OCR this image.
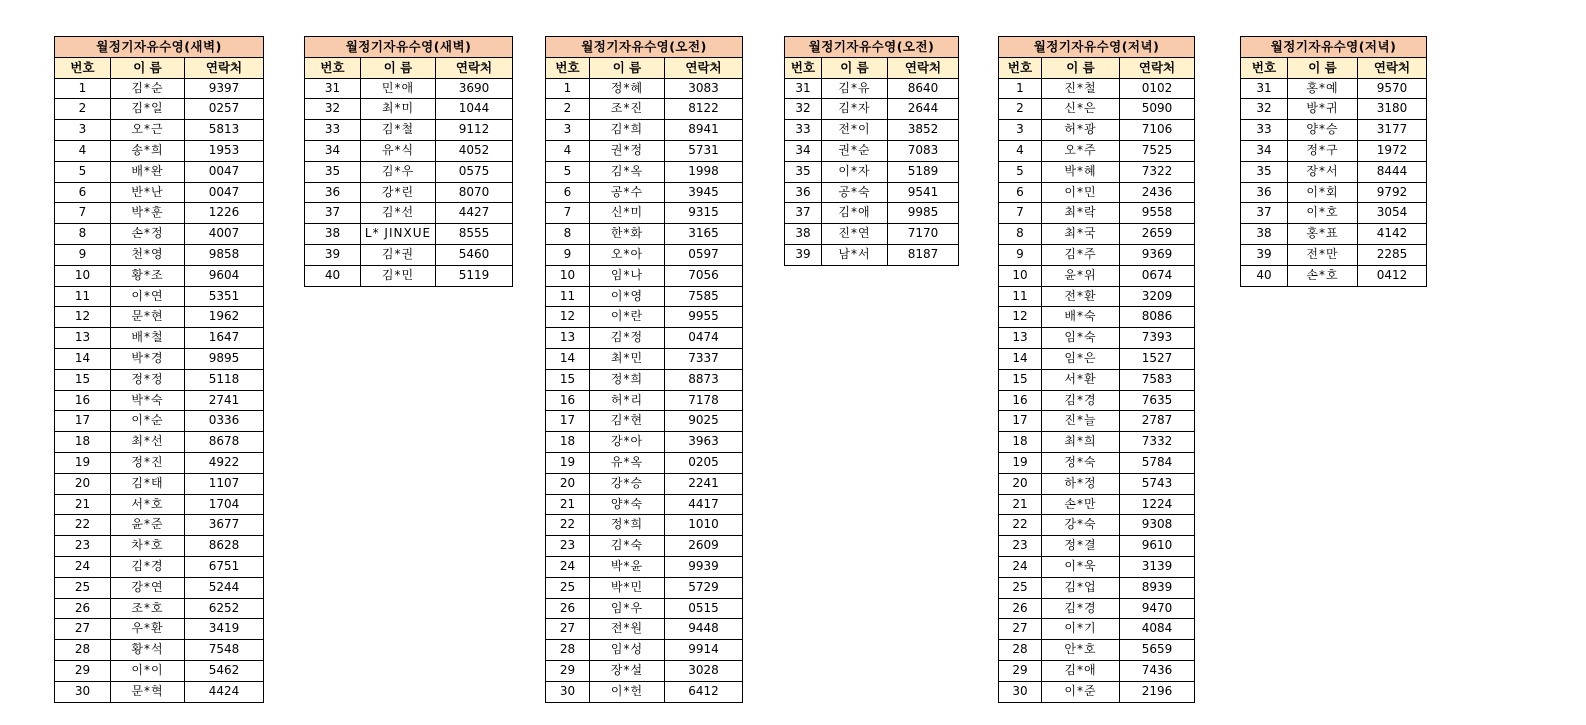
월정기자유수영(새벽)		
번호	이 름	연락처
1	김*순	9397
2	김*일	0257
3	오*근	5813
4	송*희	1953
5	배*완	0047
6	반*난	0047
7	박*훈	1226
8	손*정	4007
9	천*영	9858
10	황*조	9604
11	이*연	5351
12	문*현	1962
13	배*철	1647
14	박*경	9895
15	정*정	5118
16	박*숙	2741
17	이*순	0336
18	최*선	8678
19	정*진	4922
20	김*태	1107
21	서*호	1704
22	윤*준	3677
23	차*호	8628
24	김*경	6751
25	강*연	5244
26	조*호	6252
27	우*환	3419
28	황*석	7548
29	이*이	5462
30	문*혁	4424
월정기자유수영(새벽)		
번호	이 름	연락처
31	민*애	3690
32	최*미	1044
33	김*철	9112
34	유*식	4052
35	김*우	0575
36	강*린	8070
37	김*선	4427
38	L* JINXUE	8555
39	김*권	5460
40	김*민	5119
월정기자유수영(오전)		
번호	이 름	연락처
1	정*혜	3083
2	조*진	8122
3	김*희	8941
4	권*정	5731
5	김*옥	1998
6	공*수	3945
7	신*미	9315
8	한*화	3165
9	오*아	0597
10	임*나	7056
11	이*영	7585
12	이*란	9955
13	김*정	0474
14	최*민	7337
15	정*희	8873
16	허*리	7178
17	김*현	9025
18	강*아	3963
19	유*옥	0205
20	강*승	2241
21	양*숙	4417
22	정*희	1010
23	김*숙	2609
24	박*윤	9939
25	박*민	5729
26	임*우	0515
27	전*원	9448
28	임*성	9914
29	장*설	3028
30	이*헌	6412
월정기자유수영(오전)		
번호	이 름	연락처
31	김*유	8640
32	김*자	2644
33	전*이	3852
34	권*순	7083
35	이*자	5189
36	공*숙	9541
37	김*애	9985
38	진*연	7170
39	남*서	8187
월정기자유수영(저녁)		
번호	이 름	연락처
1	진*철	0102
2	신*은	5090
3	허*광	7106
4	오*주	7525
5	박*혜	7322
6	이*민	2436
7	최*락	9558
8	최*국	2659
9	김*주	9369
10	윤*위	0674
11	전*환	3209
12	배*숙	8086
13	임*숙	7393
14	임*은	1527
15	서*환	7583
16	김*경	7635
17	진*늘	2787
18	최*희	7332
19	정*숙	5784
20	하*정	5743
21	손*만	1224
22	강*숙	9308
23	정*결	9610
24	이*욱	3139
25	김*업	8939
26	김*경	9470
27	이*기	4084
28	안*호	5659
29	김*애	7436
30	이*준	2196
월정기자유수영(저녁)		
번호	이 름	연락처
31	홍*예	9570
32	방*귀	3180
33	양*승	3177
34	정*구	1972
35	장*서	8444
36	이*회	9792
37	이*호	3054
38	홍*표	4142
39	전*만	2285
40	손*호	0412
